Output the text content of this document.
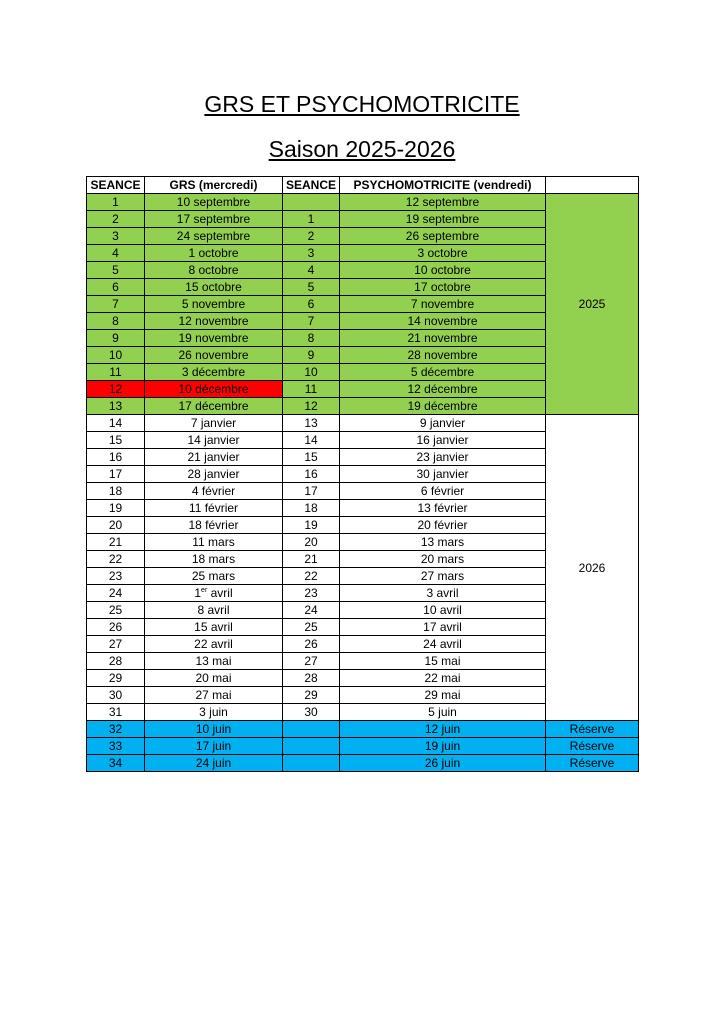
GRS ET PSYCHOMOTRICITE
Saison 2025-2026
SEANCE	GRS (mercredi)	SEANCE	PSYCHOMOTRICITE (vendredi)	
1	10 septembre		12 septembre	2025
2	17 septembre	1	19 septembre	
3	24 septembre	2	26 septembre	
4	1 octobre	3	3 octobre	
5	8 octobre	4	10 octobre	
6	15 octobre	5	17 octobre	
7	5 novembre	6	7 novembre	
8	12 novembre	7	14 novembre	
9	19 novembre	8	21 novembre	
10	26 novembre	9	28 novembre	
11	3 décembre	10	5 décembre	
12	10 décembre	11	12 décembre	
13	17 décembre	12	19 décembre	
14	7 janvier	13	9 janvier	2026
15	14 janvier	14	16 janvier	
16	21 janvier	15	23 janvier	
17	28 janvier	16	30 janvier	
18	4 février	17	6 février	
19	11 février	18	13 février	
20	18 février	19	20 février	
21	11 mars	20	13 mars	
22	18 mars	21	20 mars	
23	25 mars	22	27 mars	
24	1er avril	23	3 avril	
25	8 avril	24	10 avril	
26	15 avril	25	17 avril	
27	22 avril	26	24 avril	
28	13 mai	27	15 mai	
29	20 mai	28	22 mai	
30	27 mai	29	29 mai	
31	3 juin	30	5 juin	
32	10 juin		12 juin	Réserve
33	17 juin		19 juin	Réserve
34	24 juin		26 juin	Réserve
